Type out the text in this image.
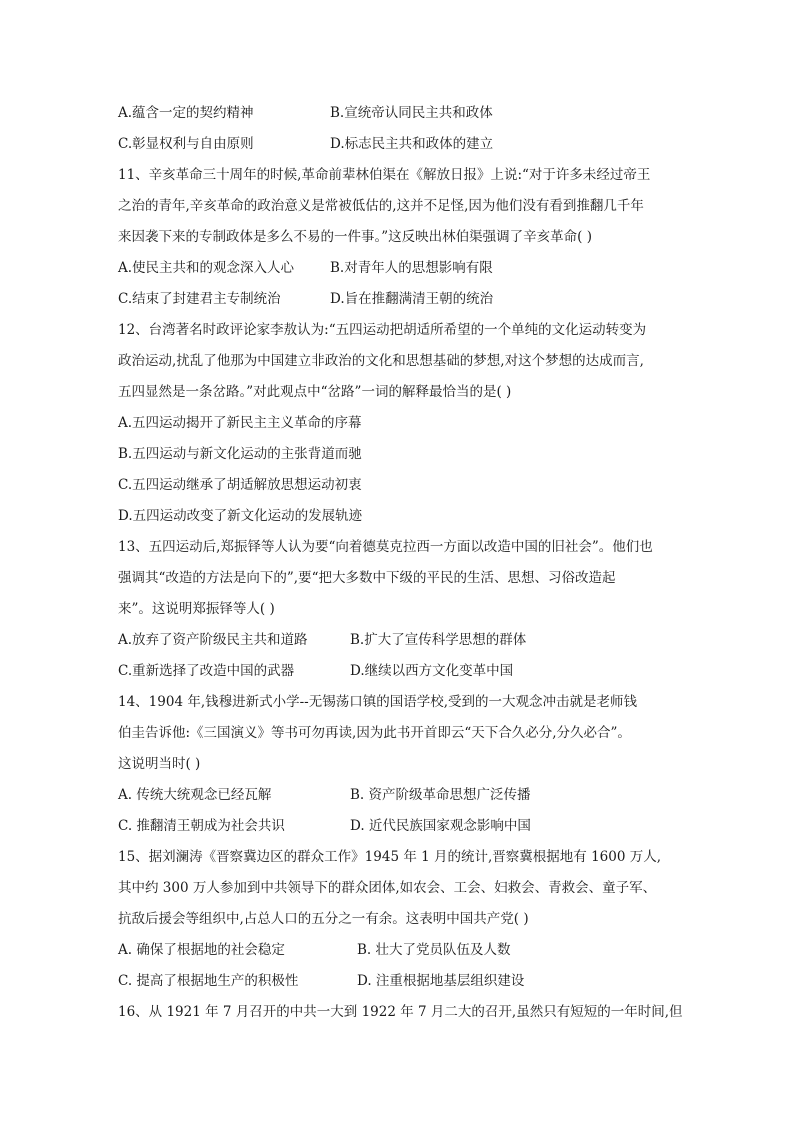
A.蕴含一定的契约精神	B.宣统帝认同民主共和政体
C.彰显权利与自由原则	D.标志民主共和政体的建立
11、辛亥革命三十周年的时候,革命前辈林伯渠在《解放日报》上说:“对于许多未经过帝王
之治的青年,辛亥革命的政治意义是常被低估的,这并不足怪,因为他们没有看到推翻几千年
来因袭下来的专制政体是多么不易的一件事。”这反映出林伯渠强调了辛亥革命( )
A.使民主共和的观念深入人心	B.对青年人的思想影响有限
C.结束了封建君主专制统治	D.旨在推翻满清王朝的统治
12、台湾著名时政评论家李敖认为:“五四运动把胡适所希望的一个单纯的文化运动转变为
政治运动,扰乱了他那为中国建立非政治的文化和思想基础的梦想,对这个梦想的达成而言,
五四显然是一条岔路。”对此观点中“岔路”一词的解释最恰当的是( )
A.五四运动揭开了新民主主义革命的序幕
B.五四运动与新文化运动的主张背道而驰
C.五四运动继承了胡适解放思想运动初衷
D.五四运动改变了新文化运动的发展轨迹
13、五四运动后,郑振铎等人认为要“向着德莫克拉西一方面以改造中国的旧社会”。他们也
强调其“改造的方法是向下的”,要“把大多数中下级的平民的生活、思想、习俗改造起
来”。这说明郑振铎等人( )
A.放弃了资产阶级民主共和道路	B.扩大了宣传科学思想的群体
C.重新选择了改造中国的武器	D.继续以西方文化变革中国
14、1904 年,钱穆进新式小学--无锡荡口镇的国语学校,受到的一大观念冲击就是老师钱
伯圭告诉他:《三国演义》等书可勿再读,因为此书开首即云“天下合久必分,分久必合”。
这说明当时( )
A. 传统大统观念已经瓦解	B. 资产阶级革命思想广泛传播
C. 推翻清王朝成为社会共识	D. 近代民族国家观念影响中国
15、据刘澜涛《晋察冀边区的群众工作》1945 年 1 月的统计,晋察冀根据地有 1600 万人,
其中约 300 万人参加到中共领导下的群众团体,如农会、工会、妇救会、青救会、童子军、
抗敌后援会等组织中,占总人口的五分之一有余。这表明中国共产党( )
A. 确保了根据地的社会稳定	B. 壮大了党员队伍及人数
C. 提高了根据地生产的积极性	D. 注重根据地基层组织建设
16、从 1921 年 7 月召开的中共一大到 1922 年 7 月二大的召开,虽然只有短短的一年时间,但
